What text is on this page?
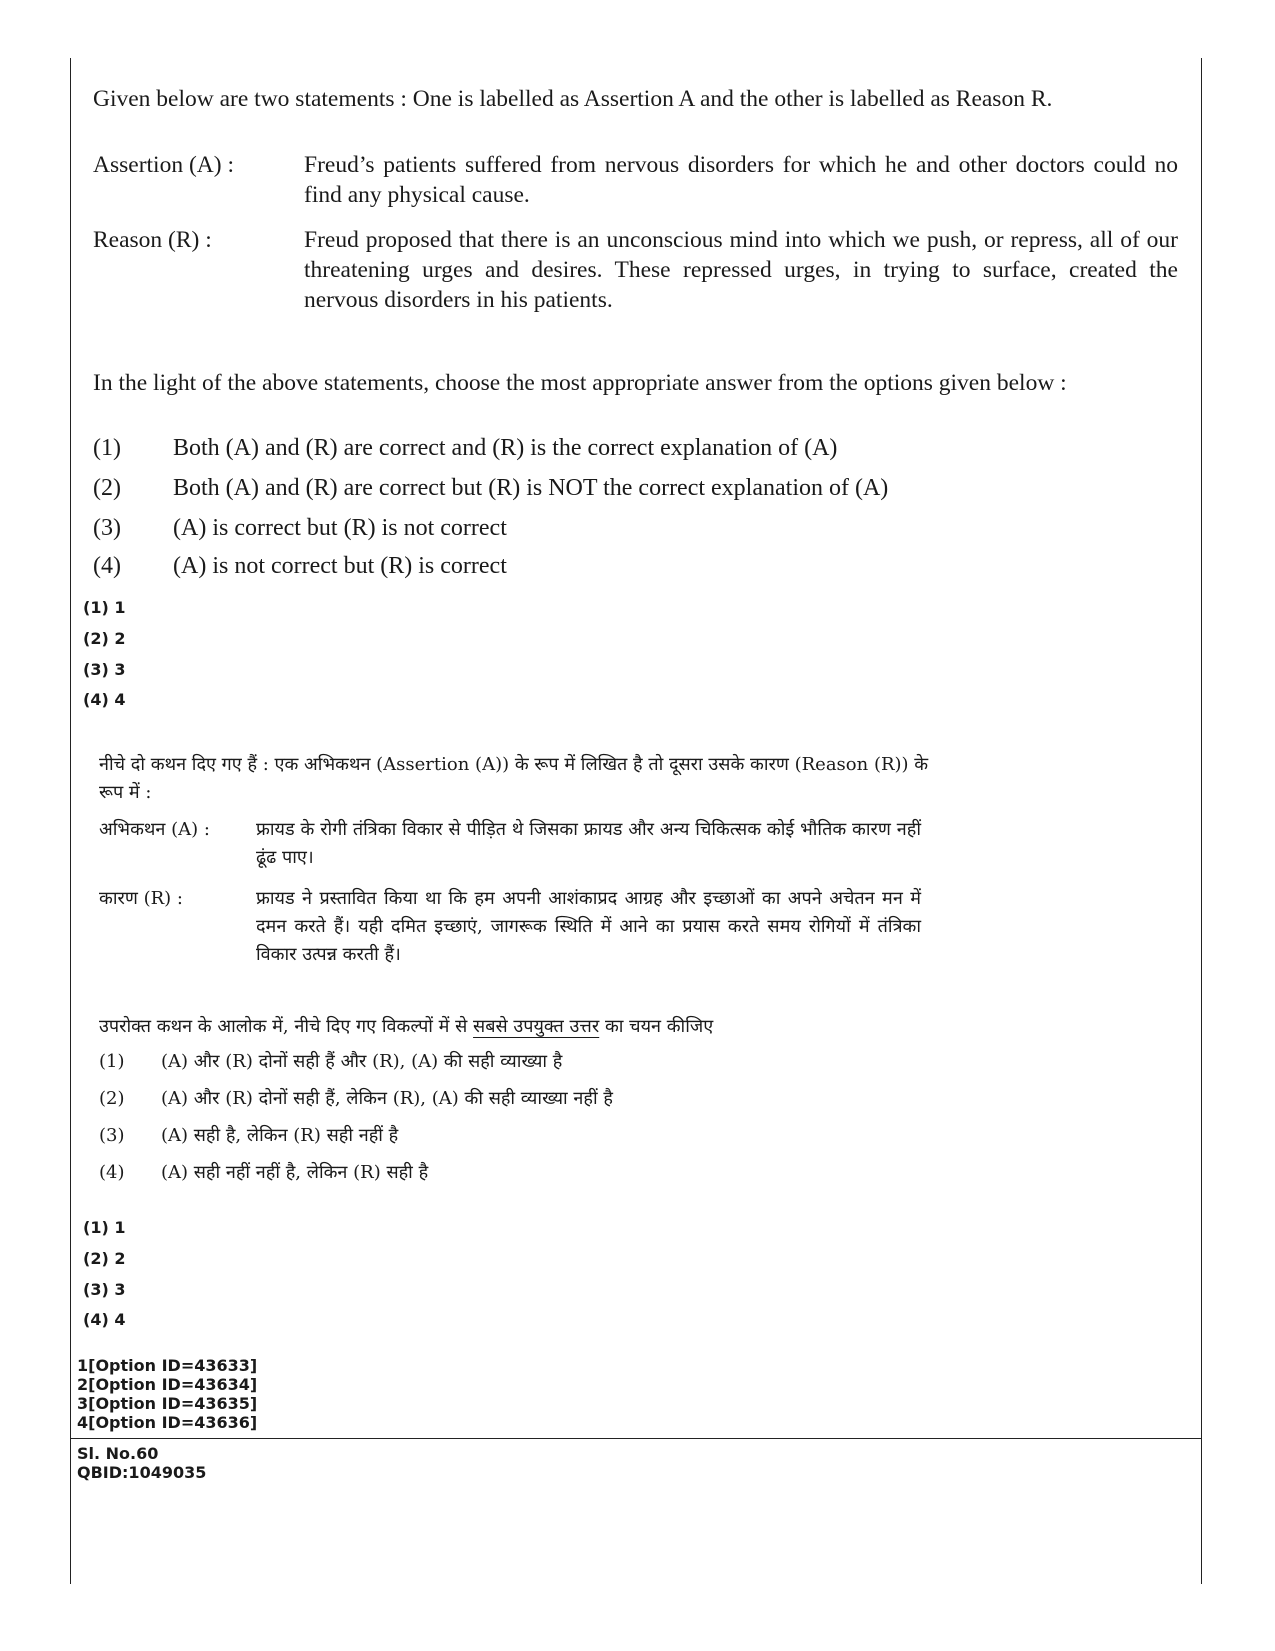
Given below are two statements : One is labelled as Assertion A and the other is labelled as Reason R.

Assertion (A) :	Freud’s patients suffered from nervous disorders for which he and other doctors could no find any physical cause.
Reason (R) :	Freud proposed that there is an unconscious mind into which we push, or repress, all of our threatening urges and desires. These repressed urges, in trying to surface, created the nervous disorders in his patients.

In the light of the above statements, choose the most appropriate answer from the options given below :

(1) Both (A) and (R) are correct and (R) is the correct explanation of (A)
(2) Both (A) and (R) are correct but (R) is NOT the correct explanation of (A)
(3) (A) is correct but (R) is not correct
(4) (A) is not correct but (R) is correct
(1) 1
(2) 2
(3) 3
(4) 4

नीचे दो कथन दिए गए हैं : एक अभिकथन (Assertion (A)) के रूप में लिखित है तो दूसरा उसके कारण (Reason (R)) के रूप में :

अभिकथन (A) :	फ्रायड के रोगी तंत्रिका विकार से पीड़ित थे जिसका फ्रायड और अन्य चिकित्सक कोई भौतिक कारण नहीं ढूंढ पाए।
कारण (R) :	फ्रायड ने प्रस्तावित किया था कि हम अपनी आशंकाप्रद आग्रह और इच्छाओं का अपने अचेतन मन में दमन करते हैं। यही दमित इच्छाएं, जागरूक स्थिति में आने का प्रयास करते समय रोगियों में तंत्रिका विकार उत्पन्न करती हैं।

उपरोक्त कथन के आलोक में, नीचे दिए गए विकल्पों में से सबसे उपयुक्त उत्तर का चयन कीजिए

(1) (A) और (R) दोनों सही हैं और (R), (A) की सही व्याख्या है
(2) (A) और (R) दोनों सही हैं, लेकिन (R), (A) की सही व्याख्या नहीं है
(3) (A) सही है, लेकिन (R) सही नहीं है
(4) (A) सही नहीं नहीं है, लेकिन (R) सही है
(1) 1
(2) 2
(3) 3
(4) 4
1[Option ID=43633]
2[Option ID=43634]
3[Option ID=43635]
4[Option ID=43636]
Sl. No.60
QBID:1049035
